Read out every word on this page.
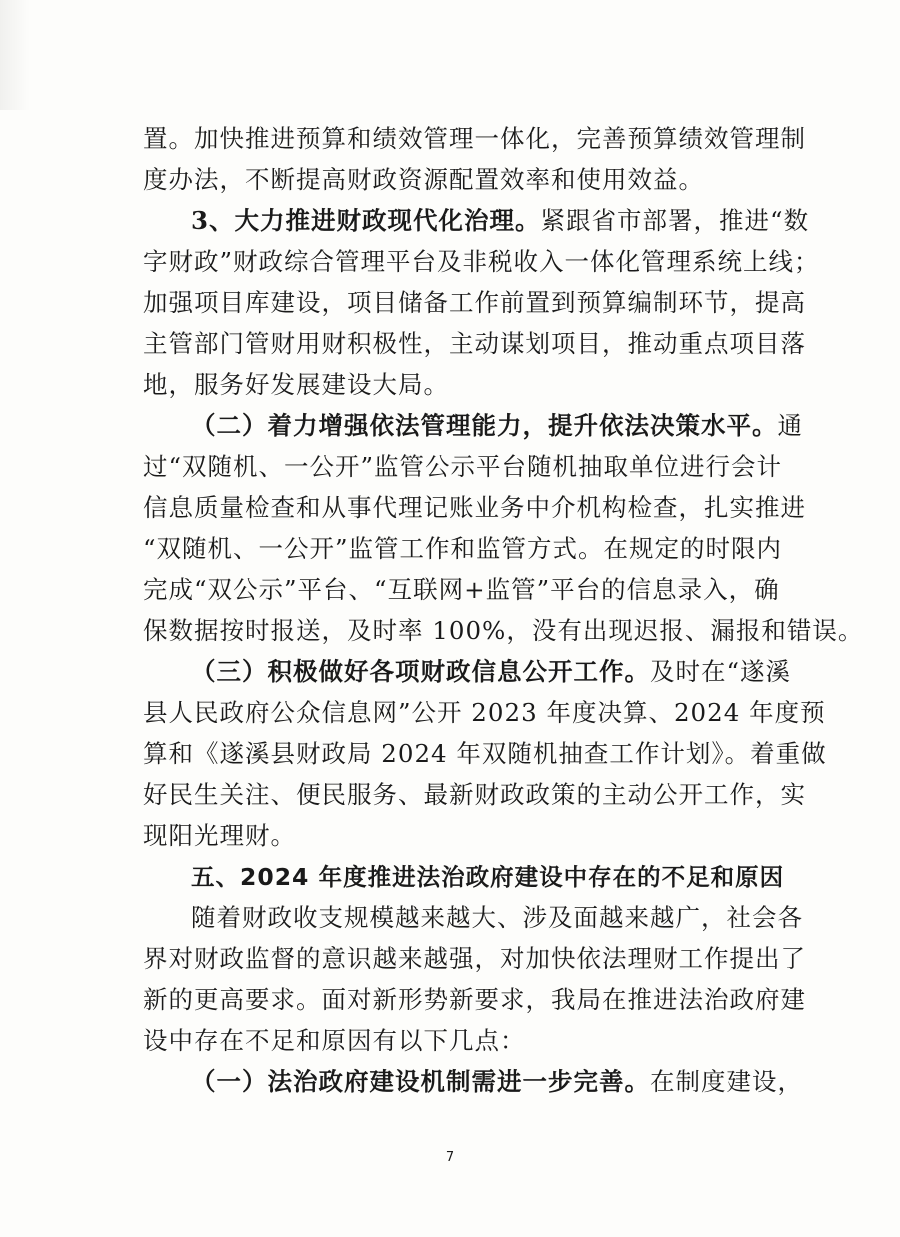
置。加快推进预算和绩效管理一体化，完善预算绩效管理制
度办法，不断提高财政资源配置效率和使用效益。
3、大力推进财政现代化治理。紧跟省市部署，推进“数
字财政”财政综合管理平台及非税收入一体化管理系统上线；
加强项目库建设，项目储备工作前置到预算编制环节，提高
主管部门管财用财积极性，主动谋划项目，推动重点项目落
地，服务好发展建设大局。
（二）着力增强依法管理能力，提升依法决策水平。通
过“双随机、一公开”监管公示平台随机抽取单位进行会计
信息质量检查和从事代理记账业务中介机构检查，扎实推进
“双随机、一公开”监管工作和监管方式。在规定的时限内
完成“双公示”平台、“互联网+监管”平台的信息录入，确
保数据按时报送，及时率 100%，没有出现迟报、漏报和错误。
（三）积极做好各项财政信息公开工作。及时在“遂溪
县人民政府公众信息网”公开 2023 年度决算、2024 年度预
算和《遂溪县财政局 2024 年双随机抽查工作计划》。着重做
好民生关注、便民服务、最新财政政策的主动公开工作，实
现阳光理财。
五、2024 年度推进法治政府建设中存在的不足和原因
随着财政收支规模越来越大、涉及面越来越广，社会各
界对财政监督的意识越来越强，对加快依法理财工作提出了
新的更高要求。面对新形势新要求，我局在推进法治政府建
设中存在不足和原因有以下几点：
（一）法治政府建设机制需进一步完善。在制度建设，
7
